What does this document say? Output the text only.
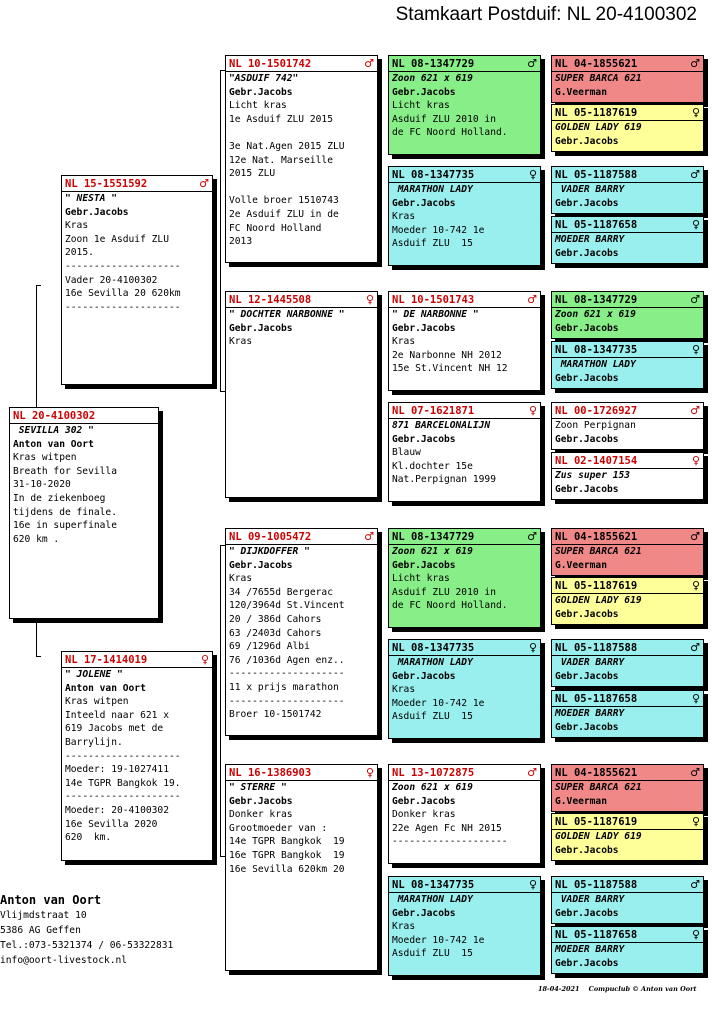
Stamkaart Postduif: NL 20-4100302
NL 20-4100302
SEVILLA 302 "
Anton van Oort
Kras witpen
Breath for Sevilla
31-10-2020
In de ziekenboeg
tijdens de finale.
16e in superfinale
620 km .
NL 15-1551592	♂
" NESTA "
Gebr.Jacobs
Kras
Zoon 1e Asduif ZLU
2015.
--------------------
Vader 20-4100302
16e Sevilla 20 620km
--------------------
NL 17-1414019	♀
" JOLENE "
Anton van Oort
Kras witpen
Inteeld naar 621 x
619 Jacobs met de
Barrylijn.
--------------------
Moeder: 19-1027411
14e TGPR Bangkok 19.
--------------------
Moeder: 20-4100302
16e Sevilla 2020
620  km.
NL 10-1501742	♂
"ASDUIF 742"
Gebr.Jacobs
Licht kras
1e Asduif ZLU 2015
3e Nat.Agen 2015 ZLU
12e Nat. Marseille
2015 ZLU
Volle broer 1510743
2e Asduif ZLU in de
FC Noord Holland
2013
NL 12-1445508	♀
" DOCHTER NARBONNE "
Gebr.Jacobs
Kras
NL 09-1005472	♂
" DIJKDOFFER "
Gebr.Jacobs
Kras
34 /7655d Bergerac
120/3964d St.Vincent
20 / 386d Cahors
63 /2403d Cahors
69 /1296d Albi
76 /1036d Agen enz..
--------------------
11 x prijs marathon
--------------------
Broer 10-1501742
NL 16-1386903	♀
" STERRE "
Gebr.Jacobs
Donker kras
Grootmoeder van :
14e TGPR Bangkok  19
16e TGPR Bangkok  19
16e Sevilla 620km 20
NL 08-1347729	♂
Zoon 621 x 619
Gebr.Jacobs
Licht kras
Asduif ZLU 2010 in
de FC Noord Holland.
NL 08-1347735	♀
MARATHON LADY
Gebr.Jacobs
Kras
Moeder 10-742 1e
Asduif ZLU  15
NL 10-1501743	♂
" DE NARBONNE "
Gebr.Jacobs
Kras
2e Narbonne NH 2012
15e St.Vincent NH 12
NL 07-1621871	♀
871 BARCELONALIJN
Gebr.Jacobs
Blauw
Kl.dochter 15e
Nat.Perpignan 1999
NL 08-1347729	♂
Zoon 621 x 619
Gebr.Jacobs
Licht kras
Asduif ZLU 2010 in
de FC Noord Holland.
NL 08-1347735	♀
MARATHON LADY
Gebr.Jacobs
Kras
Moeder 10-742 1e
Asduif ZLU  15
NL 13-1072875	♂
Zoon 621 x 619
Gebr.Jacobs
Donker kras
22e Agen Fc NH 2015
--------------------
NL 08-1347735	♀
MARATHON LADY
Gebr.Jacobs
Kras
Moeder 10-742 1e
Asduif ZLU  15
NL 04-1855621	♂
SUPER BARCA 621
G.Veerman
NL 05-1187619	♀
GOLDEN LADY 619
Gebr.Jacobs
NL 05-1187588	♂
VADER BARRY
Gebr.Jacobs
NL 05-1187658	♀
MOEDER BARRY
Gebr.Jacobs
NL 08-1347729	♂
Zoon 621 x 619
Gebr.Jacobs
NL 08-1347735	♀
MARATHON LADY
Gebr.Jacobs
NL 00-1726927	♂
Zoon Perpignan
Gebr.Jacobs
NL 02-1407154	♀
Zus super 153
Gebr.Jacobs
NL 04-1855621	♂
SUPER BARCA 621
G.Veerman
NL 05-1187619	♀
GOLDEN LADY 619
Gebr.Jacobs
NL 05-1187588	♂
VADER BARRY
Gebr.Jacobs
NL 05-1187658	♀
MOEDER BARRY
Gebr.Jacobs
NL 04-1855621	♂
SUPER BARCA 621
G.Veerman
NL 05-1187619	♀
GOLDEN LADY 619
Gebr.Jacobs
NL 05-1187588	♂
VADER BARRY
Gebr.Jacobs
NL 05-1187658	♀
MOEDER BARRY
Gebr.Jacobs
Anton van Oort
Vlijmdstraat 10
5386 AG Geffen
Tel.:073-5321374 / 06-53322831
info@oort-livestock.nl
18-04-2021 Compuclub © Anton van Oort
